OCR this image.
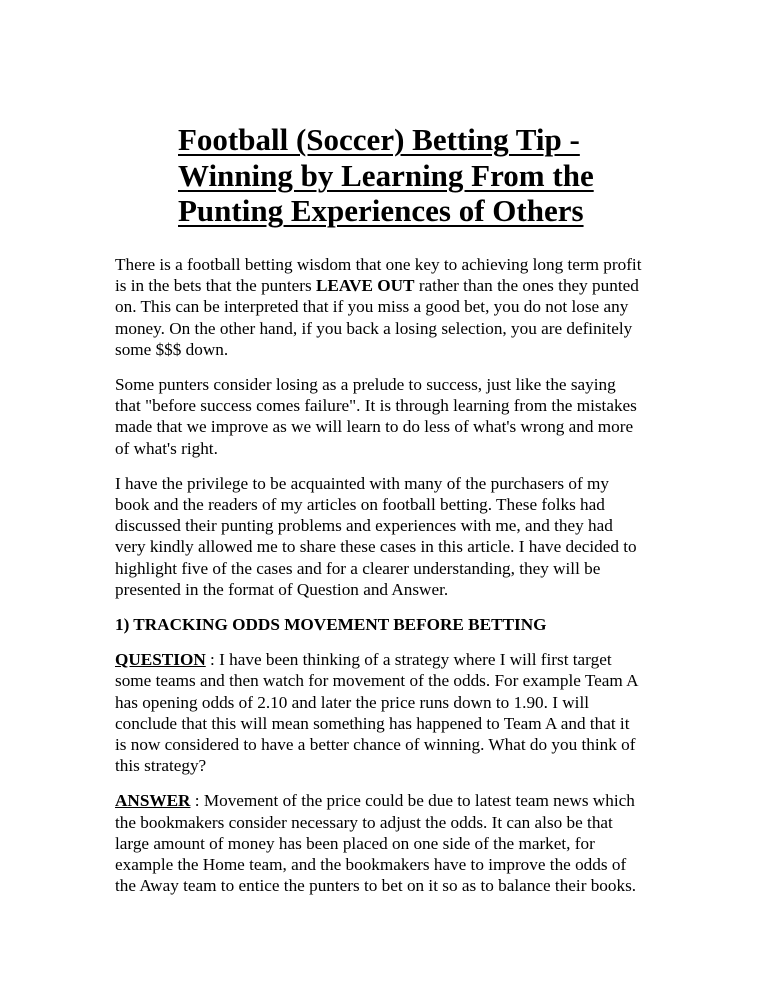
Football (Soccer) Betting Tip -
Winning by Learning From the
Punting Experiences of Others
There is a football betting wisdom that one key to achieving long term profit
is in the bets that the punters LEAVE OUT rather than the ones they punted
on. This can be interpreted that if you miss a good bet, you do not lose any
money. On the other hand, if you back a losing selection, you are definitely
some $$$ down.
Some punters consider losing as a prelude to success, just like the saying
that "before success comes failure". It is through learning from the mistakes
made that we improve as we will learn to do less of what's wrong and more
of what's right.
I have the privilege to be acquainted with many of the purchasers of my
book and the readers of my articles on football betting. These folks had
discussed their punting problems and experiences with me, and they had
very kindly allowed me to share these cases in this article. I have decided to
highlight five of the cases and for a clearer understanding, they will be
presented in the format of Question and Answer.
1) TRACKING ODDS MOVEMENT BEFORE BETTING
QUESTION : I have been thinking of a strategy where I will first target
some teams and then watch for movement of the odds. For example Team A
has opening odds of 2.10 and later the price runs down to 1.90. I will
conclude that this will mean something has happened to Team A and that it
is now considered to have a better chance of winning. What do you think of
this strategy?
ANSWER : Movement of the price could be due to latest team news which
the bookmakers consider necessary to adjust the odds. It can also be that
large amount of money has been placed on one side of the market, for
example the Home team, and the bookmakers have to improve the odds of
the Away team to entice the punters to bet on it so as to balance their books.
